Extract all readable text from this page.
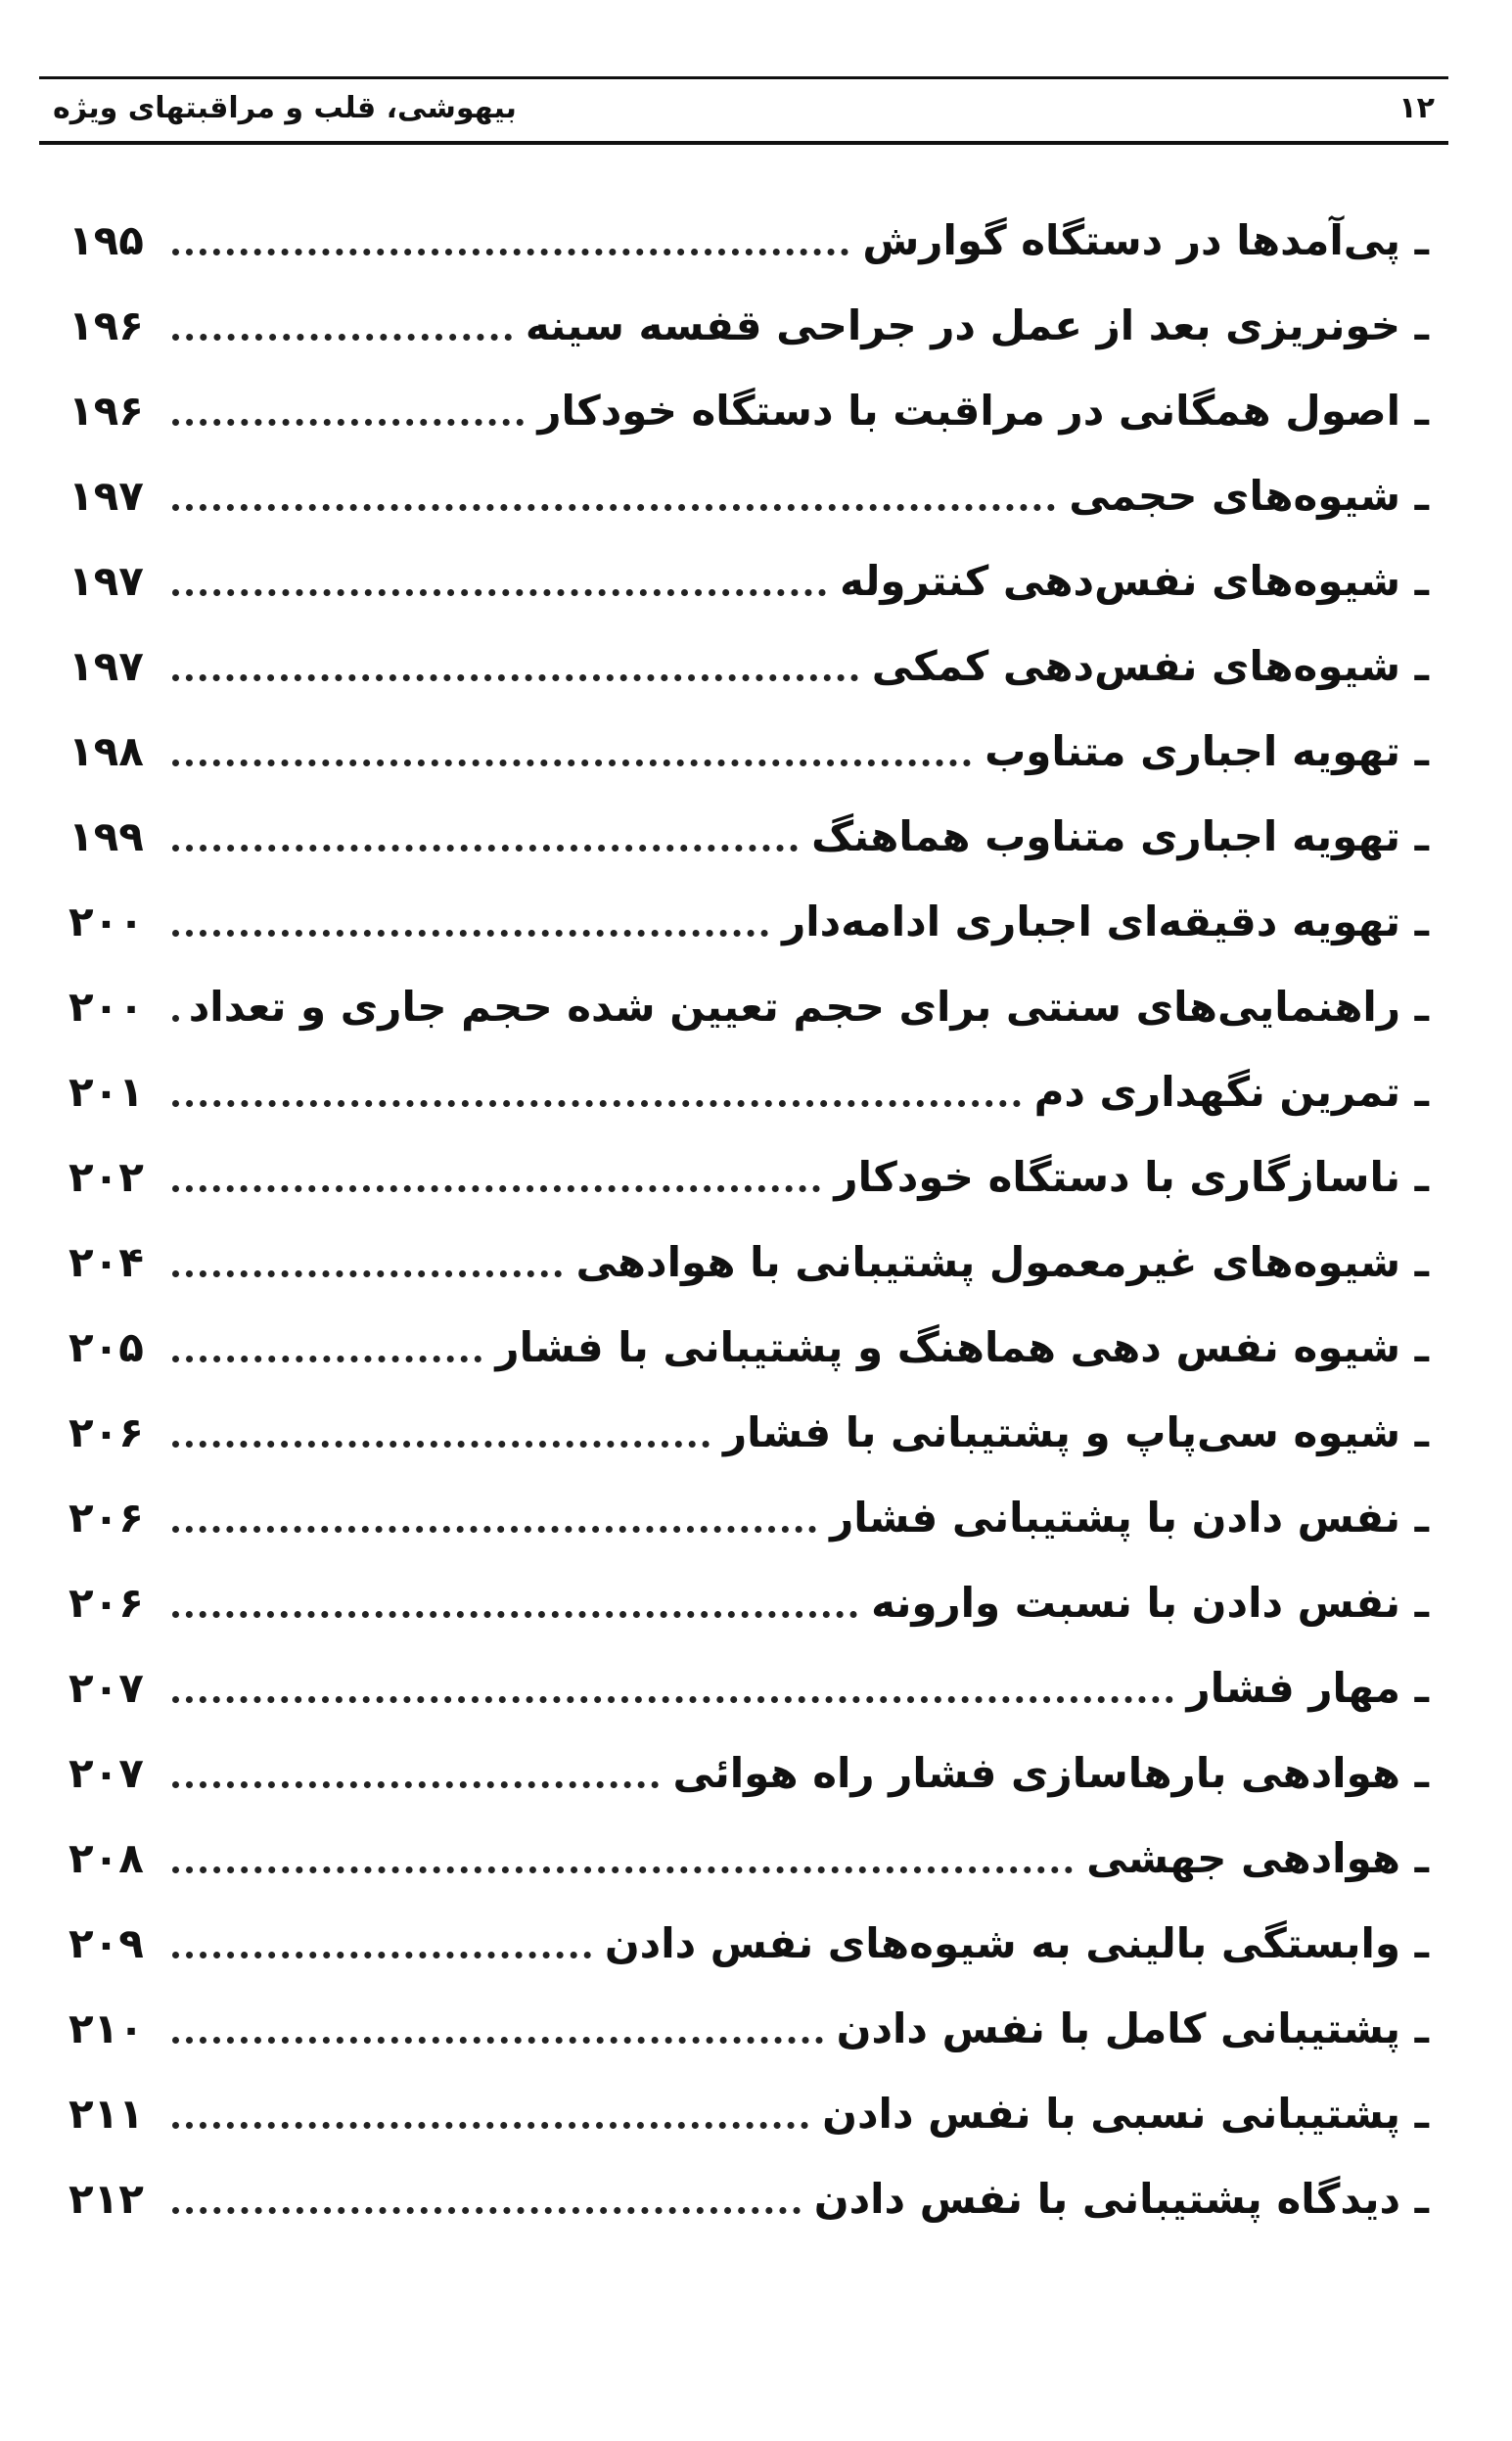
۱۲
بیهوشی، قلب و مراقبتهای ویژه
ـ پی‌آمدها در دستگاه گوارش
۱۹۵
ـ خونریزی بعد از عمل در جراحی قفسه سینه
۱۹۶
ـ اصول همگانی در مراقبت با دستگاه خودکار
۱۹۶
ـ شیوه‌های حجمی
۱۹۷
ـ شیوه‌های نفس‌دهی کنتروله
۱۹۷
ـ شیوه‌های نفس‌دهی کمکی
۱۹۷
ـ تهویه اجباری متناوب
۱۹۸
ـ تهویه اجباری متناوب هماهنگ
۱۹۹
ـ تهویه دقیقه‌ای اجباری ادامه‌دار
۲۰۰
ـ راهنمایی‌های سنتی برای حجم تعیین شده حجم جاری و تعداد
۲۰۰
ـ تمرین نگهداری دم
۲۰۱
ـ ناسازگاری با دستگاه خودکار
۲۰۲
ـ شیوه‌های غیرمعمول پشتیبانی با هوادهی
۲۰۴
ـ شیوه نفس دهی هماهنگ و پشتیبانی با فشار
۲۰۵
ـ شیوه سی‌پاپ و پشتیبانی با فشار
۲۰۶
ـ نفس دادن با پشتیبانی فشار
۲۰۶
ـ نفس دادن با نسبت وارونه
۲۰۶
ـ مهار فشار
۲۰۷
ـ هوادهی بارهاسازی فشار راه هوائی
۲۰۷
ـ هوادهی جهشی
۲۰۸
ـ وابستگی بالینی به شیوه‌های نفس دادن
۲۰۹
ـ پشتیبانی کامل با نفس دادن
۲۱۰
ـ پشتیبانی نسبی با نفس دادن
۲۱۱
ـ دیدگاه پشتیبانی با نفس دادن
۲۱۲
